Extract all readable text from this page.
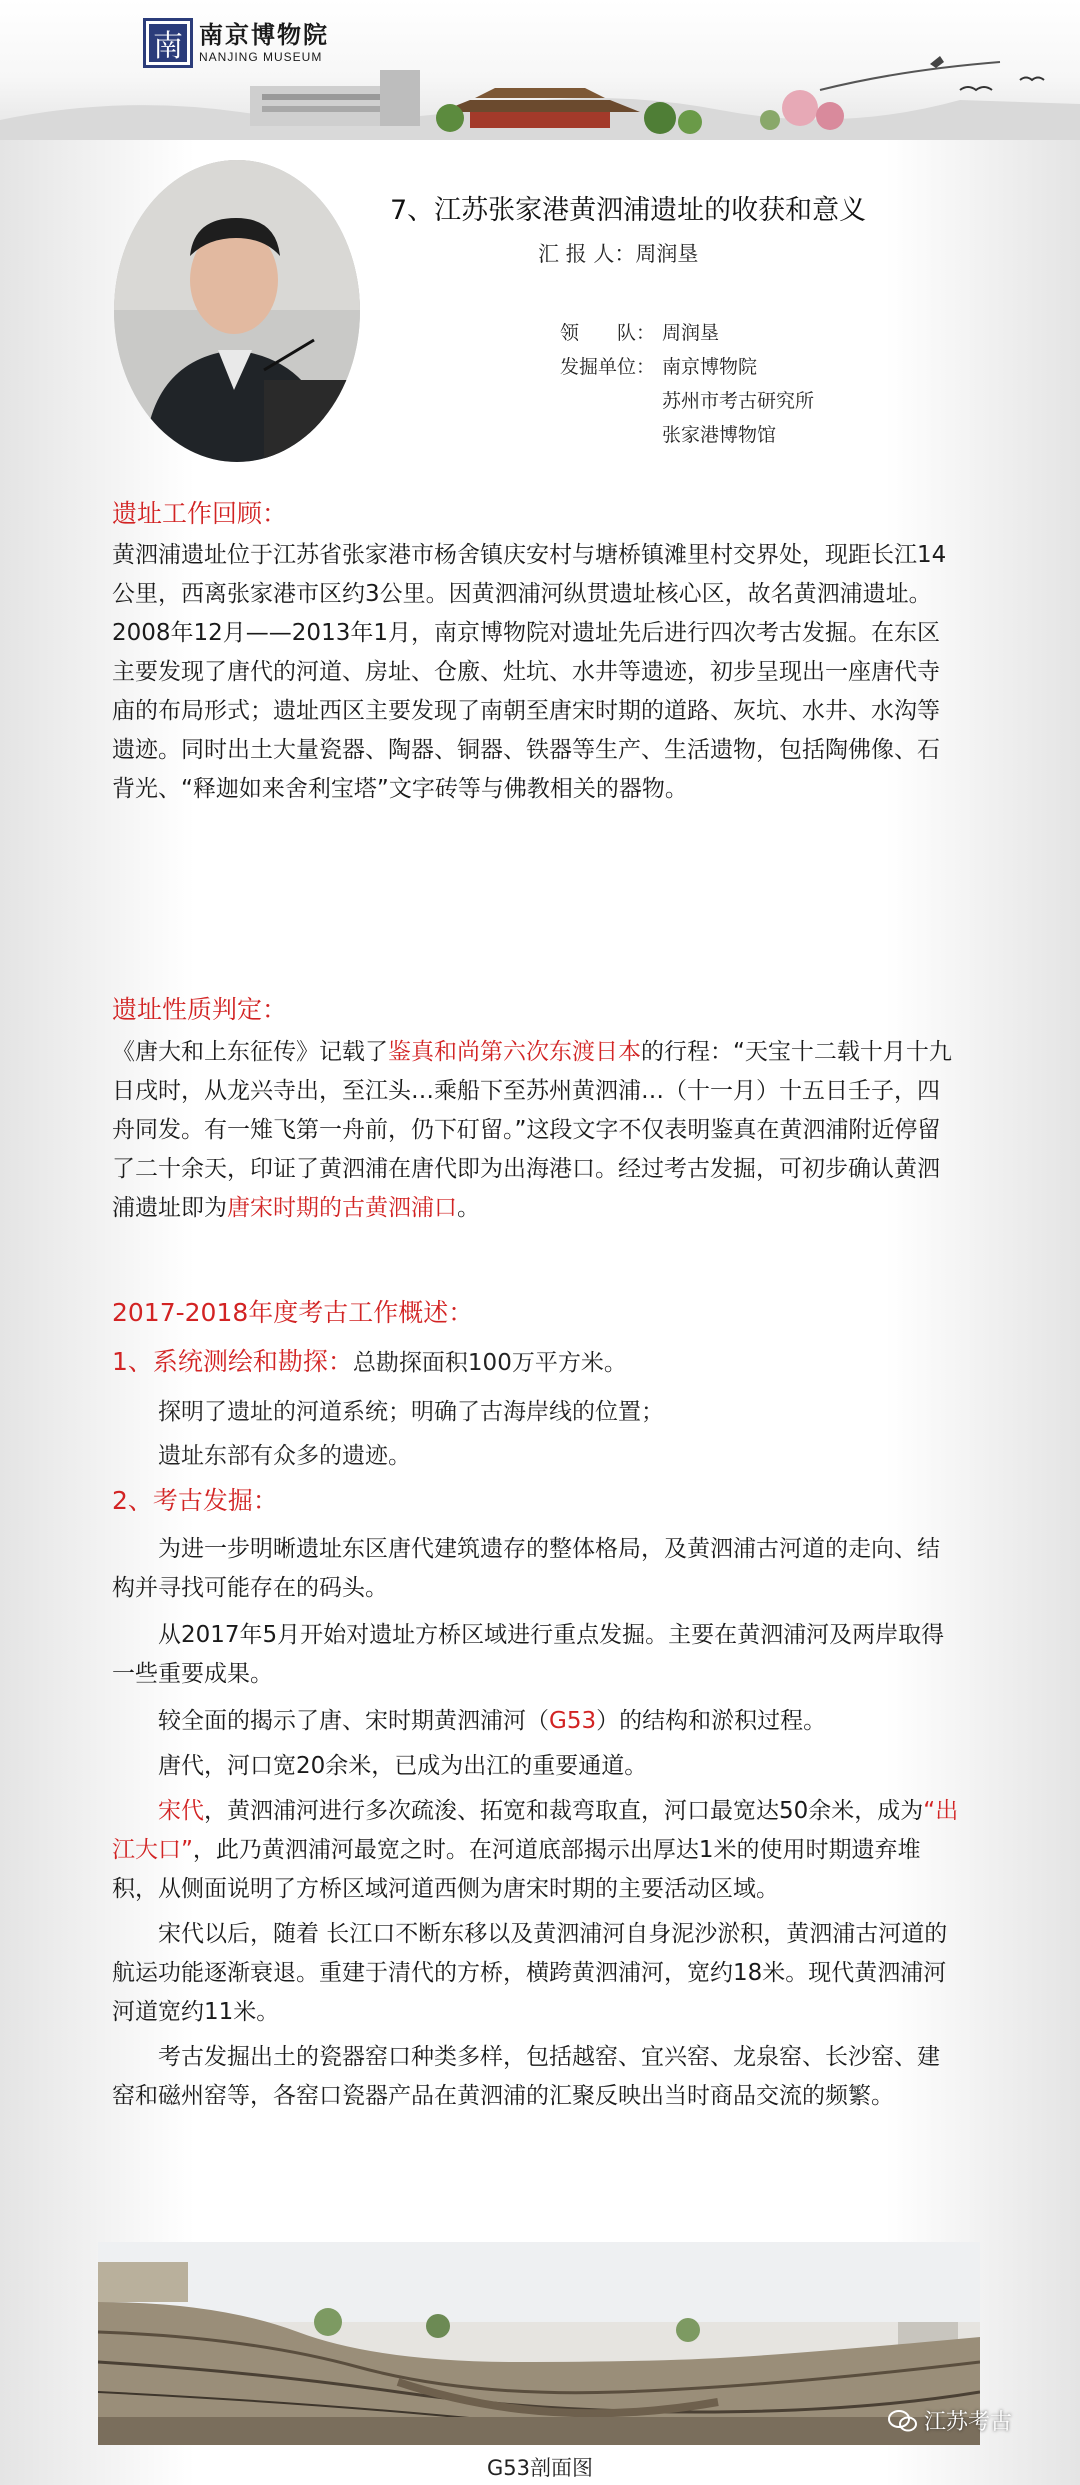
南 南京博物院
NANJING MUSEUM
7、江苏张家港黄泗浦遗址的收获和意义
汇 报 人：周润垦
领　　队： 周润垦
发掘单位： 南京博物院
苏州市考古研究所
张家港博物馆
遗址工作回顾：

黄泗浦遗址位于江苏省张家港市杨舍镇庆安村与塘桥镇滩里村交界处，现距长江14公里，西离张家港市区约3公里。因黄泗浦河纵贯遗址核心区，故名黄泗浦遗址。

2008年12月——2013年1月，南京博物院对遗址先后进行四次考古发掘。在东区主要发现了唐代的河道、房址、仓廒、灶坑、水井等遗迹，初步呈现出一座唐代寺庙的布局形式；遗址西区主要发现了南朝至唐宋时期的道路、灰坑、水井、水沟等遗迹。同时出土大量瓷器、陶器、铜器、铁器等生产、生活遗物，包括陶佛像、石背光、“释迦如来舍利宝塔”文字砖等与佛教相关的器物。

遗址性质判定：

《唐大和上东征传》记载了鉴真和尚第六次东渡日本的行程：“天宝十二载十月十九日戌时，从龙兴寺出，至江头…乘船下至苏州黄泗浦…（十一月）十五日壬子，四舟同发。有一雉飞第一舟前，仍下矴留。”这段文字不仅表明鉴真在黄泗浦附近停留了二十余天，印证了黄泗浦在唐代即为出海港口。经过考古发掘，可初步确认黄泗浦遗址即为唐宋时期的古黄泗浦口。

2017-2018年度考古工作概述：
1、系统测绘和勘探：总勘探面积100万平方米。
探明了遗址的河道系统；明确了古海岸线的位置；
遗址东部有众多的遗迹。
2、考古发掘：

为进一步明晰遗址东区唐代建筑遗存的整体格局，及黄泗浦古河道的走向、结构并寻找可能存在的码头。

从2017年5月开始对遗址方桥区域进行重点发掘。主要在黄泗浦河及两岸取得一些重要成果。

较全面的揭示了唐、宋时期黄泗浦河（G53）的结构和淤积过程。

唐代，河口宽20余米，已成为出江的重要通道。

宋代，黄泗浦河进行多次疏浚、拓宽和裁弯取直，河口最宽达50余米，成为“出江大口”，此乃黄泗浦河最宽之时。在河道底部揭示出厚达1米的使用时期遗弃堆积，从侧面说明了方桥区域河道西侧为唐宋时期的主要活动区域。

宋代以后，随着 长江口不断东移以及黄泗浦河自身泥沙淤积，黄泗浦古河道的航运功能逐渐衰退。重建于清代的方桥，横跨黄泗浦河，宽约18米。现代黄泗浦河河道宽约11米。

考古发掘出土的瓷器窑口种类多样，包括越窑、宜兴窑、龙泉窑、长沙窑、建窑和磁州窑等，各窑口瓷器产品在黄泗浦的汇聚反映出当时商品交流的频繁。

江苏考古
G53剖面图
